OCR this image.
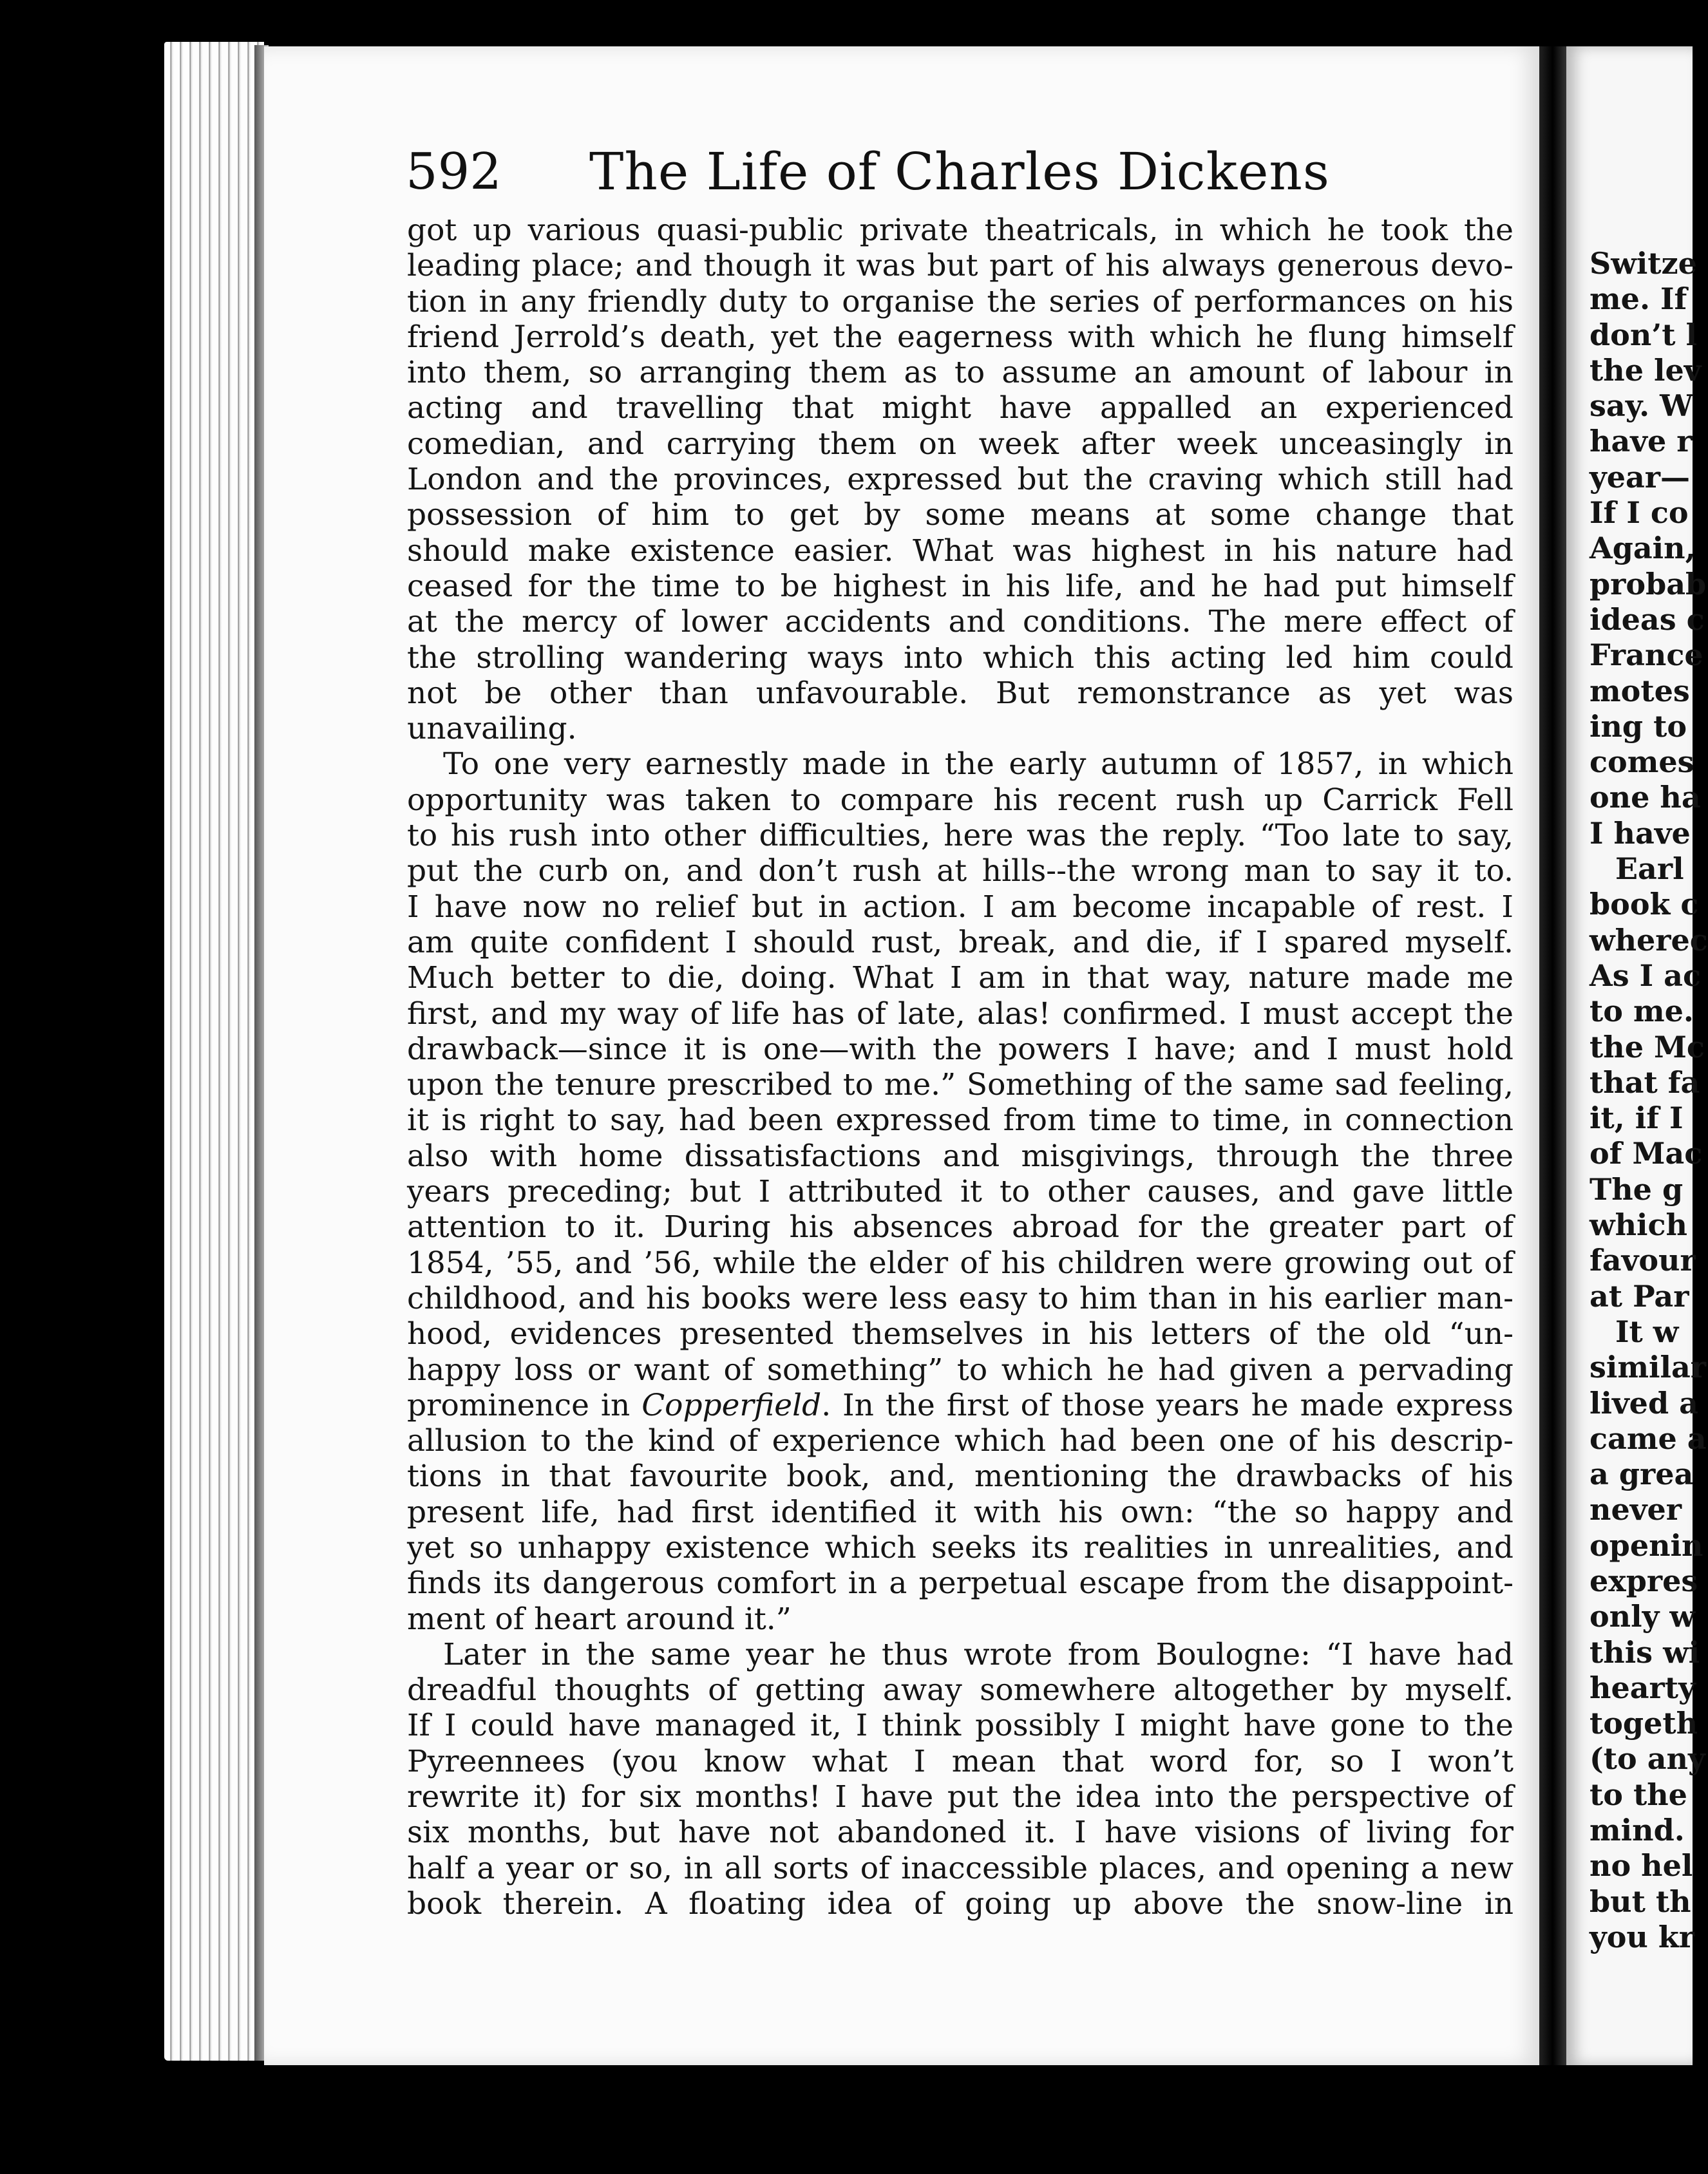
592	The Life of Charles Dickens
got up various quasi-public private theatricals, in which he took the
leading place; and though it was but part of his always generous devo-
tion in any friendly duty to organise the series of performances on his
friend Jerrold’s death, yet the eagerness with which he flung himself
into them, so arranging them as to assume an amount of labour in
acting and travelling that might have appalled an experienced
comedian, and carrying them on week after week unceasingly in
London and the provinces, expressed but the craving which still had
possession of him to get by some means at some change that
should make existence easier. What was highest in his nature had
ceased for the time to be highest in his life, and he had put himself
at the mercy of lower accidents and conditions. The mere effect of
the strolling wandering ways into which this acting led him could
not be other than unfavourable. But remonstrance as yet was
unavailing.
To one very earnestly made in the early autumn of 1857, in which
opportunity was taken to compare his recent rush up Carrick Fell
to his rush into other difficulties, here was the reply. “Too late to say,
put the curb on, and don’t rush at hills--the wrong man to say it to.
I have now no relief but in action. I am become incapable of rest. I
am quite confident I should rust, break, and die, if I spared myself.
Much better to die, doing. What I am in that way, nature made me
first, and my way of life has of late, alas! confirmed. I must accept the
drawback—since it is one—with the powers I have; and I must hold
upon the tenure prescribed to me.” Something of the same sad feeling,
it is right to say, had been expressed from time to time, in connection
also with home dissatisfactions and misgivings, through the three
years preceding; but I attributed it to other causes, and gave little
attention to it. During his absences abroad for the greater part of
1854, ’55, and ’56, while the elder of his children were growing out of
childhood, and his books were less easy to him than in his earlier man-
hood, evidences presented themselves in his letters of the old “un-
happy loss or want of something” to which he had given a pervading
prominence in Copperfield. In the first of those years he made express
allusion to the kind of experience which had been one of his descrip-
tions in that favourite book, and, mentioning the drawbacks of his
present life, had first identified it with his own: “the so happy and
yet so unhappy existence which seeks its realities in unrealities, and
finds its dangerous comfort in a perpetual escape from the disappoint-
ment of heart around it.”
Later in the same year he thus wrote from Boulogne: “I have had
dreadful thoughts of getting away somewhere altogether by myself.
If I could have managed it, I think possibly I might have gone to the
Pyreennees (you know what I mean that word for, so I won’t
rewrite it) for six months! I have put the idea into the perspective of
six months, but have not abandoned it. I have visions of living for
half a year or so, in all sorts of inaccessible places, and opening a new
book therein. A floating idea of going up above the snow-line in
Switze
me. If
don’t l
the lev
say. W
have r
year—
If I co
Again,
probab
ideas c
France
motes
ing to
comes
one ha
I have
Earl
book c
wherec
As I ac
to me.
the Mc
that fa
it, if I
of Mac
The g
which
favour
at Par
It w
similar
lived a
came a
a grea
never
openin
expres
only w
this wi
hearty
togeth
(to any
to the
mind.
no hel
but th
you kr
